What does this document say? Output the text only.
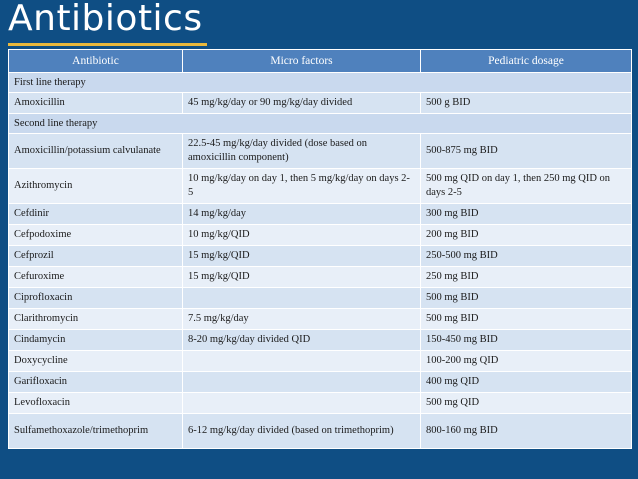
Antibiotics
Antibiotic	Micro factors	Pediatric dosage
First line therapy		
Amoxicillin	45 mg/kg/day or 90 mg/kg/day divided	500 g BID
Second line therapy		
Amoxicillin/potassium calvulanate	22.5-45 mg/kg/day divided (dose based on amoxicillin component)	500-875 mg BID
Azithromycin	10 mg/kg/day on day 1, then 5 mg/kg/day on days 2-5	500 mg QID on day 1, then 250 mg QID on days 2-5
Cefdinir	14 mg/kg/day	300 mg BID
Cefpodoxime	10 mg/kg/QID	200 mg BID
Cefprozil	15 mg/kg/QID	250-500 mg BID
Cefuroxime	15 mg/kg/QID	250 mg BID
Ciprofloxacin		500 mg BID
Clarithromycin	7.5 mg/kg/day	500 mg BID
Cindamycin	8-20 mg/kg/day divided QID	150-450 mg BID
Doxycycline		100-200 mg QID
Garifloxacin		400 mg QID
Levofloxacin		500 mg QID
Sulfamethoxazole/trimethoprim	6-12 mg/kg/day divided (based on trimethoprim)	800-160 mg BID
